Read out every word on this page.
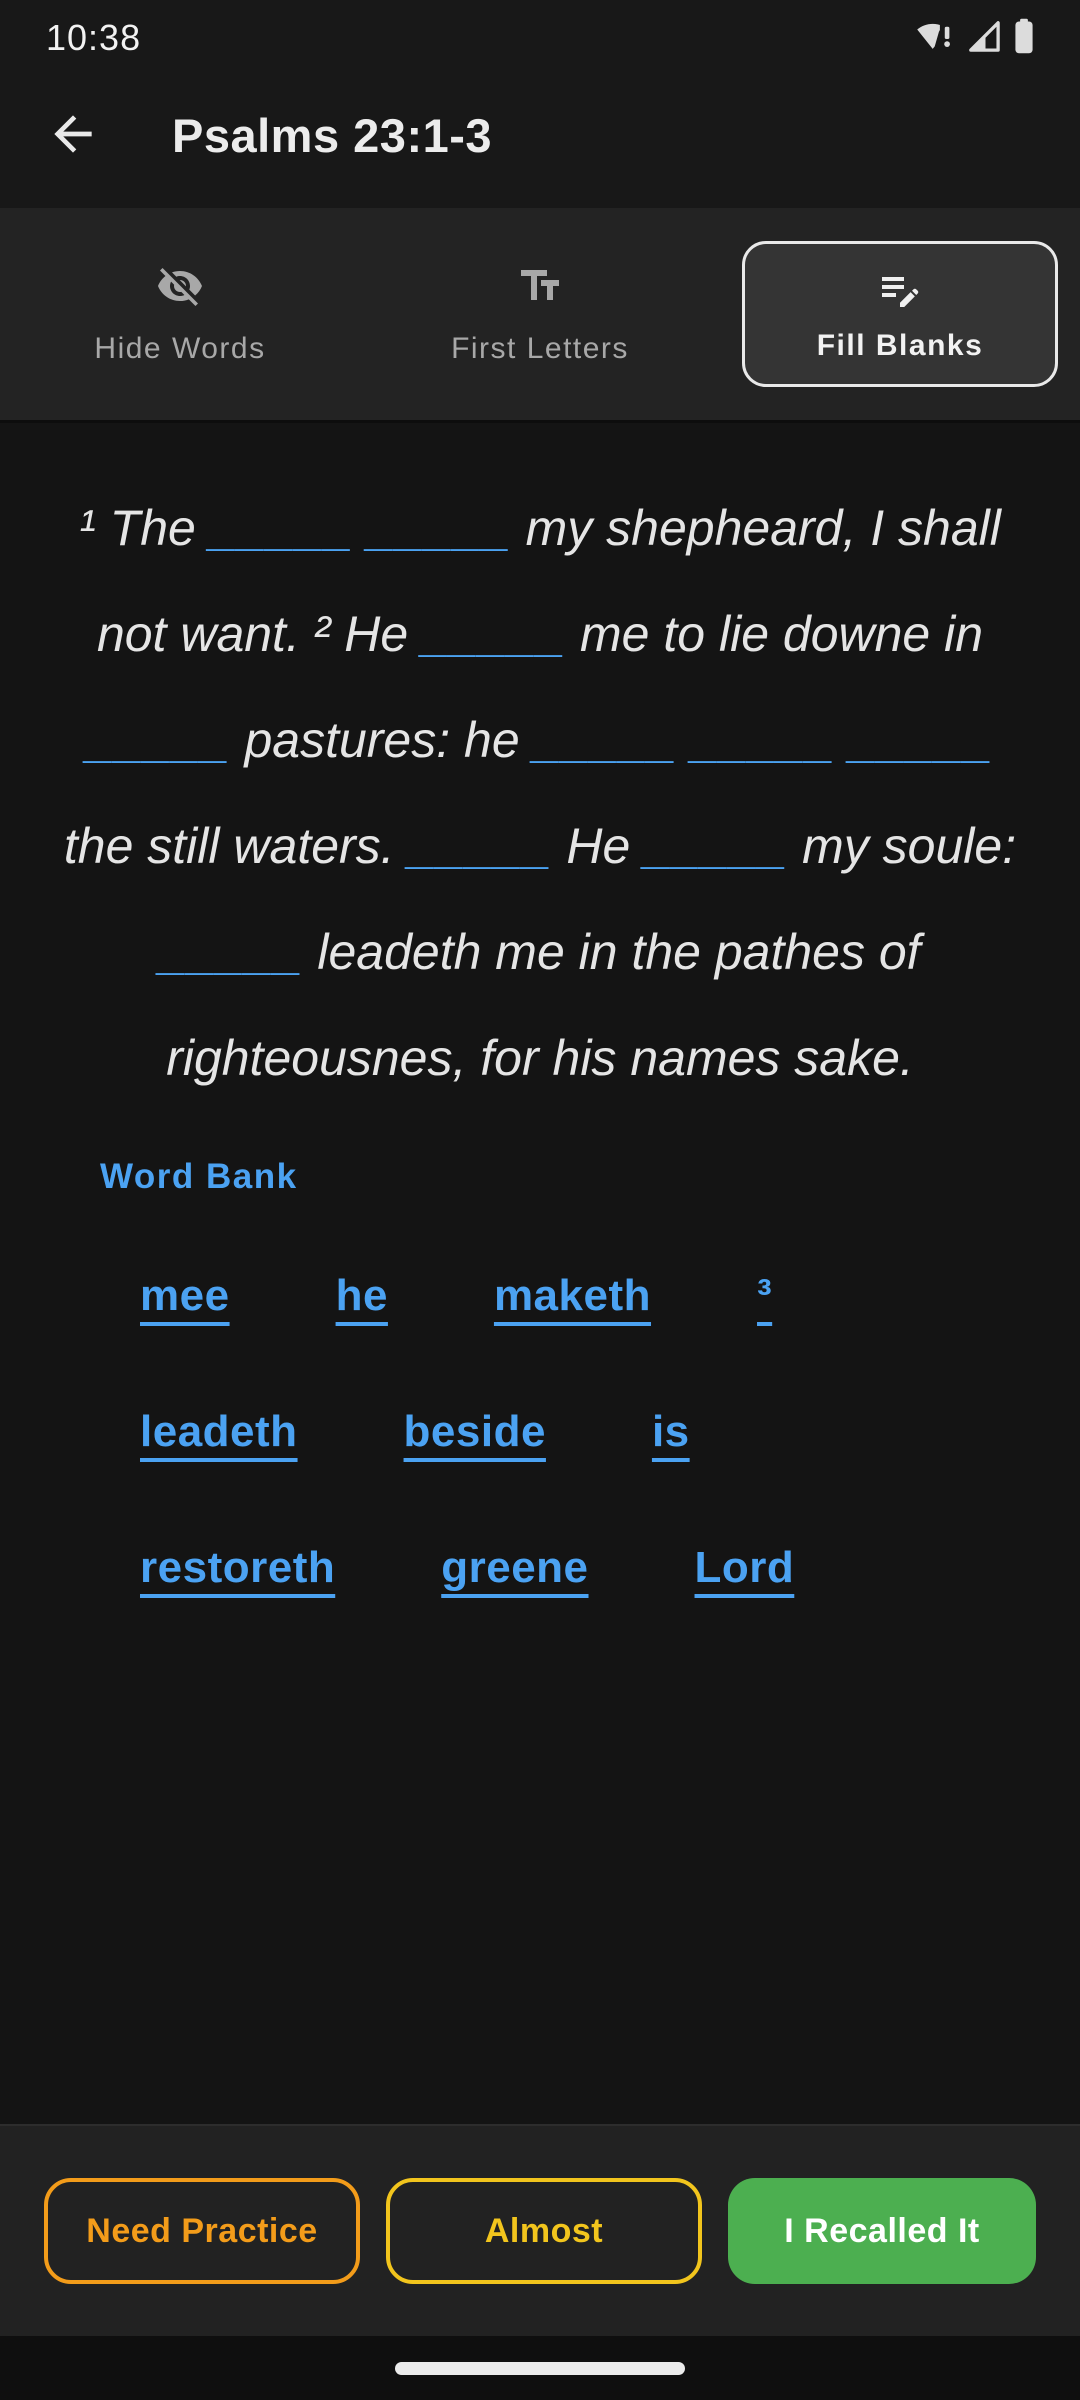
10:38
Psalms 23:1-3
Hide Words	First Letters	Fill Blanks

¹ The _____ _____ my shepheard, I shall not want. ² He _____ me to lie downe in _____ pastures: he _____ _____ _____ the still waters. _____ He _____ my soule: _____ leadeth me in the pathes of righteousnes, for his names sake.

Word Bank
mee he maketh ³
leadeth beside is
restoreth greene Lord
Need Practice	Almost	I Recalled It
